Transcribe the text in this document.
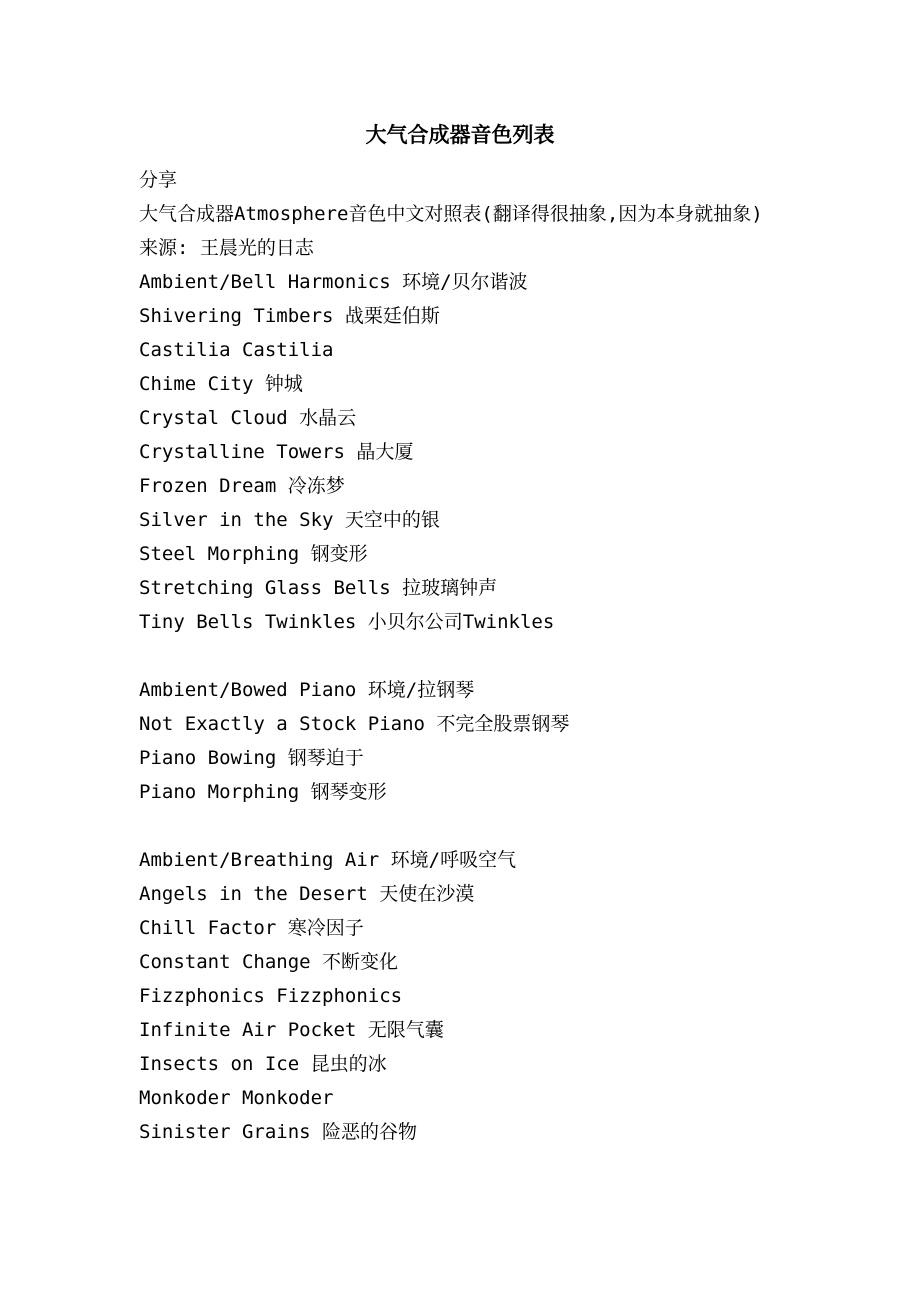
大气合成器音色列表
分享
大气合成器Atmosphere音色中文对照表(翻译得很抽象,因为本身就抽象)
来源: 王晨光的日志
Ambient/Bell Harmonics 环境/贝尔谐波
Shivering Timbers 战栗廷伯斯
Castilia Castilia
Chime City 钟城
Crystal Cloud 水晶云
Crystalline Towers 晶大厦
Frozen Dream 冷冻梦
Silver in the Sky 天空中的银
Steel Morphing 钢变形
Stretching Glass Bells 拉玻璃钟声
Tiny Bells Twinkles 小贝尔公司Twinkles
Ambient/Bowed Piano 环境/拉钢琴
Not Exactly a Stock Piano 不完全股票钢琴
Piano Bowing 钢琴迫于
Piano Morphing 钢琴变形
Ambient/Breathing Air 环境/呼吸空气
Angels in the Desert 天使在沙漠
Chill Factor 寒冷因子
Constant Change 不断变化
Fizzphonics Fizzphonics
Infinite Air Pocket 无限气囊
Insects on Ice 昆虫的冰
Monkoder Monkoder
Sinister Grains 险恶的谷物
